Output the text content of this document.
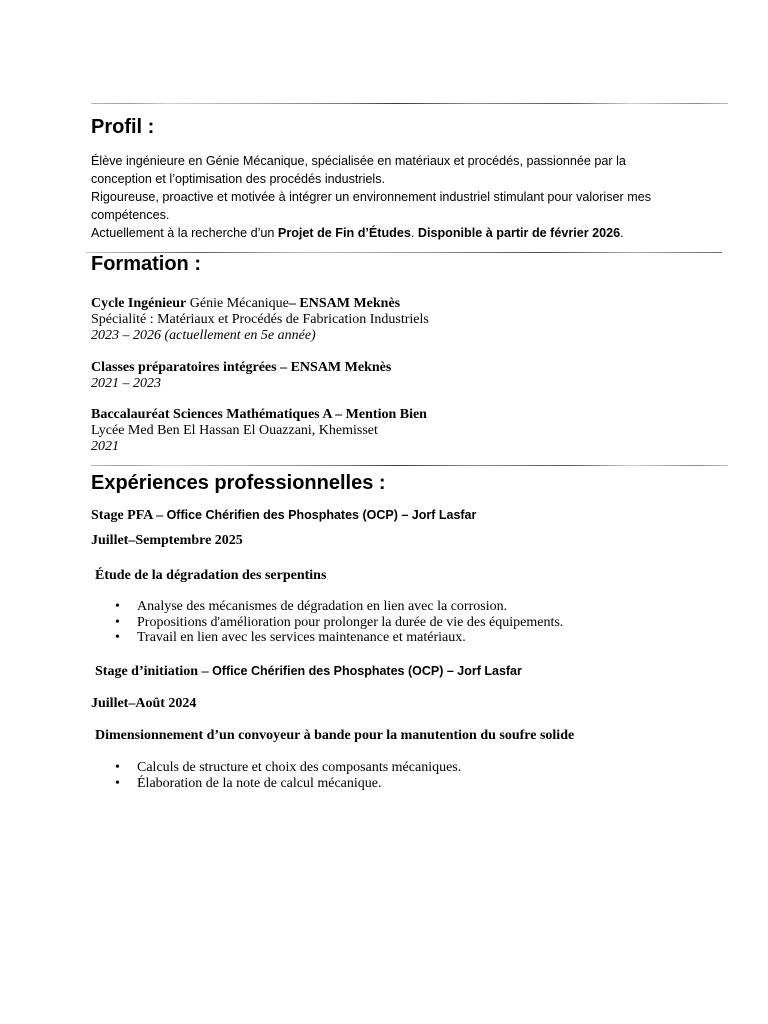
Profil :
Élève ingénieure en Génie Mécanique, spécialisée en matériaux et procédés, passionnée par la
conception et l’optimisation des procédés industriels.
Rigoureuse, proactive et motivée à intégrer un environnement industriel stimulant pour valoriser mes
compétences.
Actuellement à la recherche d’un Projet de Fin d’Études. Disponible à partir de février 2026.
Formation :
Cycle Ingénieur Génie Mécanique– ENSAM Meknès
Spécialité : Matériaux et Procédés de Fabrication Industriels
2023 – 2026 (actuellement en 5e année)
Classes préparatoires intégrées – ENSAM Meknès
2021 – 2023
Baccalauréat Sciences Mathématiques A – Mention Bien
Lycée Med Ben El Hassan El Ouazzani, Khemisset
2021
Expériences professionnelles :
Stage PFA – Office Chérifien des Phosphates (OCP) – Jorf Lasfar
Juillet–Semptembre 2025
Étude de la dégradation des serpentins
• Analyse des mécanismes de dégradation en lien avec la corrosion.
• Propositions d'amélioration pour prolonger la durée de vie des équipements.
• Travail en lien avec les services maintenance et matériaux.
Stage d’initiation – Office Chérifien des Phosphates (OCP) – Jorf Lasfar
Juillet–Août 2024
Dimensionnement d’un convoyeur à bande pour la manutention du soufre solide
• Calculs de structure et choix des composants mécaniques.
• Élaboration de la note de calcul mécanique.
